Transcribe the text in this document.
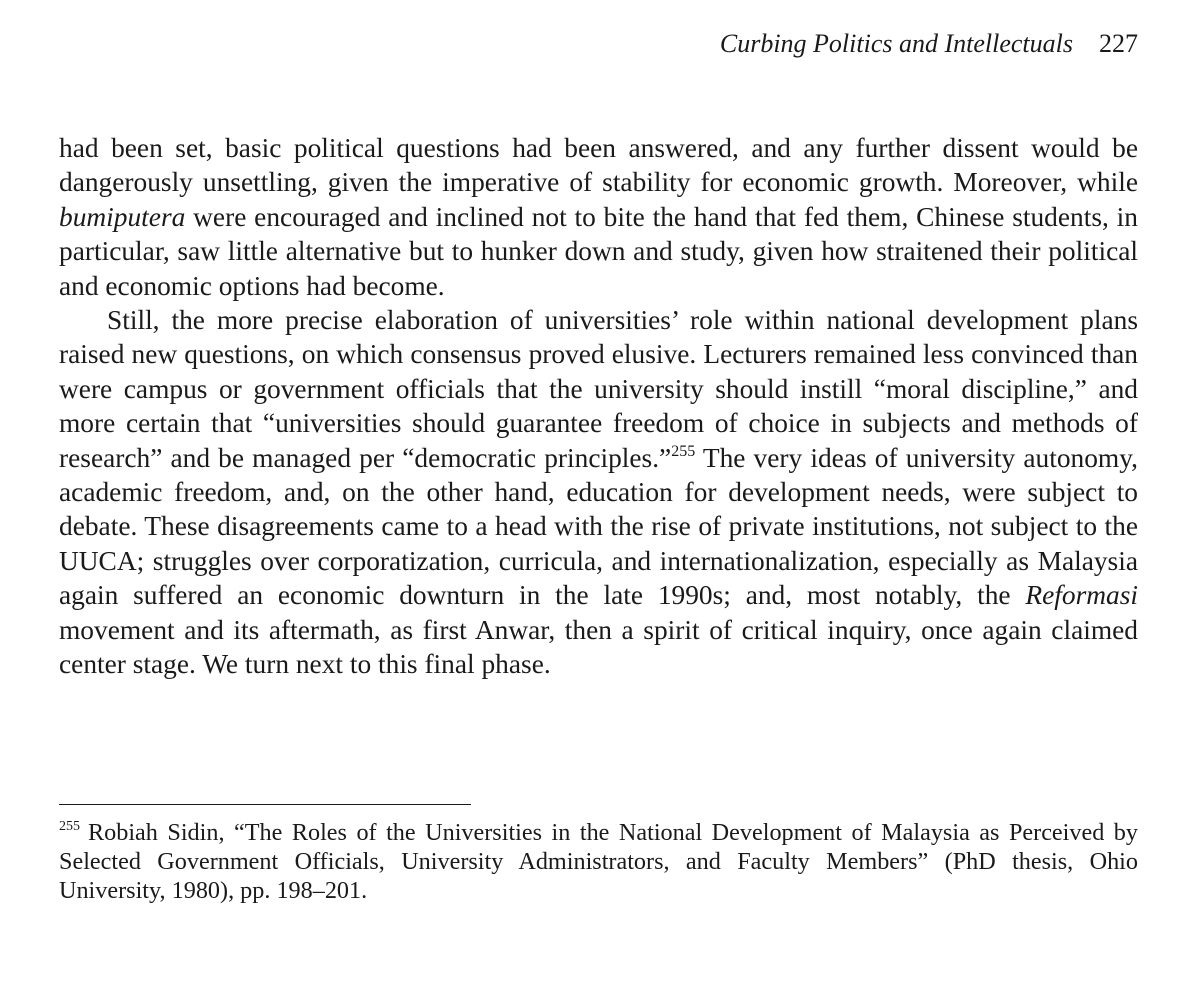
Curbing Politics and Intellectuals 227

had been set, basic political questions had been answered, and any further dissent would be dangerously unsettling, given the imperative of stability for economic growth. Moreover, while bumiputera were encouraged and inclined not to bite the hand that fed them, Chinese students, in particular, saw little alternative but to hunker down and study, given how straitened their political and economic options had become.

Still, the more precise elaboration of universities’ role within national development plans raised new questions, on which consensus proved elusive. Lecturers remained less convinced than were campus or government officials that the university should instill “moral discipline,” and more certain that “universities should guarantee freedom of choice in subjects and methods of research” and be managed per “democratic principles.”$^{255}$ The very ideas of university autonomy, academic freedom, and, on the other hand, education for development needs, were subject to debate. These disagreements came to a head with the rise of private institutions, not subject to the UUCA; struggles over corporatization, curricula, and internationalization, especially as Malaysia again suffered an economic downturn in the late 1990s; and, most notably, the Reformasi movement and its aftermath, as first Anwar, then a spirit of critical inquiry, once again claimed center stage. We turn next to this final phase.

$^{255}$ Robiah Sidin, “The Roles of the Universities in the National Development of Malaysia as Perceived by Selected Government Officials, University Administrators, and Faculty Members” (PhD thesis, Ohio University, 1980), pp. 198–201.
